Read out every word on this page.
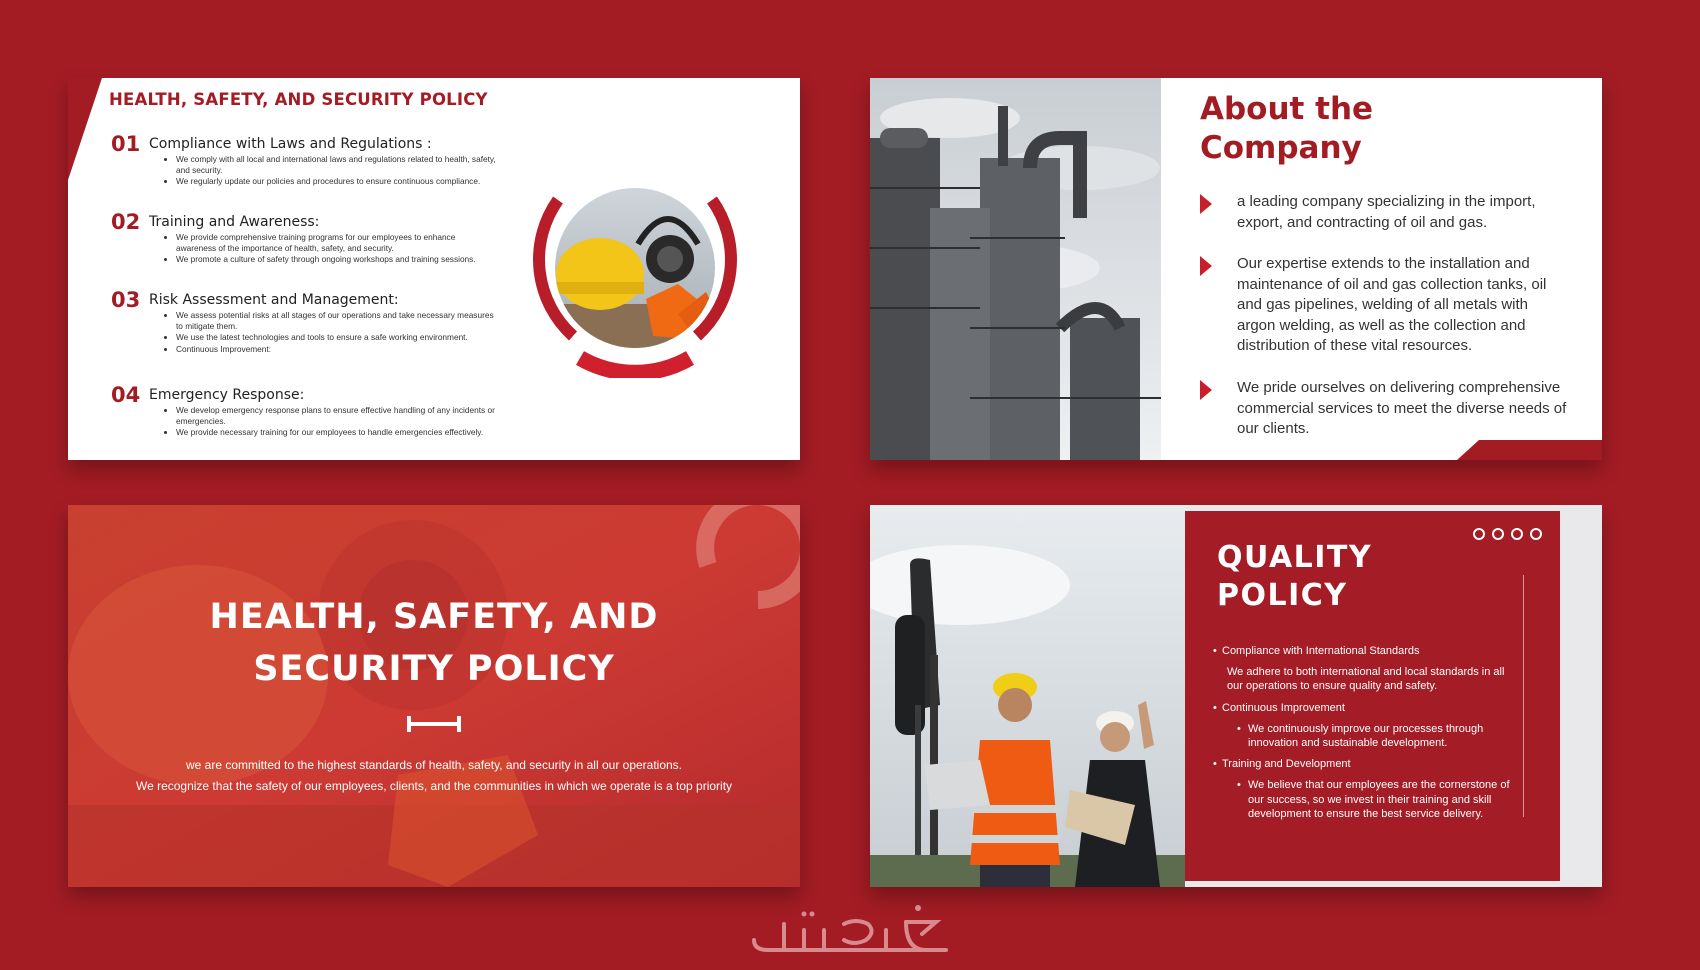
HEALTH, SAFETY, AND SECURITY POLICY
01 Compliance with Laws and Regulations :
• We comply with all local and international laws and regulations related to health, safety, and security.
• We regularly update our policies and procedures to ensure continuous compliance.
02 Training and Awareness:
• We provide comprehensive training programs for our employees to enhance awareness of the importance of health, safety, and security.
• We promote a culture of safety through ongoing workshops and training sessions.
03 Risk Assessment and Management:
• We assess potential risks at all stages of our operations and take necessary measures to mitigate them.
• We use the latest technologies and tools to ensure a safe working environment.
• Continuous Improvement:
04 Emergency Response:
• We develop emergency response plans to ensure effective handling of any incidents or emergencies.
• We provide necessary training for our employees to handle emergencies effectively.
About the
Company
a leading company specializing in the import, export, and contracting of oil and gas.
Our expertise extends to the installation and maintenance of oil and gas collection tanks, oil and gas pipelines, welding of all metals with argon welding, as well as the collection and distribution of these vital resources.
We pride ourselves on delivering comprehensive commercial services to meet the diverse needs of our clients.
HEALTH, SAFETY, AND
SECURITY POLICY
we are committed to the highest standards of health, safety, and security in all our operations.
We recognize that the safety of our employees, clients, and the communities in which we operate is a top priority
QUALITY
POLICY
• Compliance with International Standards
We adhere to both international and local standards in all our operations to ensure quality and safety.
• Continuous Improvement
• We continuously improve our processes through innovation and sustainable development.
• Training and Development
• We believe that our employees are the cornerstone of our success, so we invest in their training and skill development to ensure the best service delivery.
